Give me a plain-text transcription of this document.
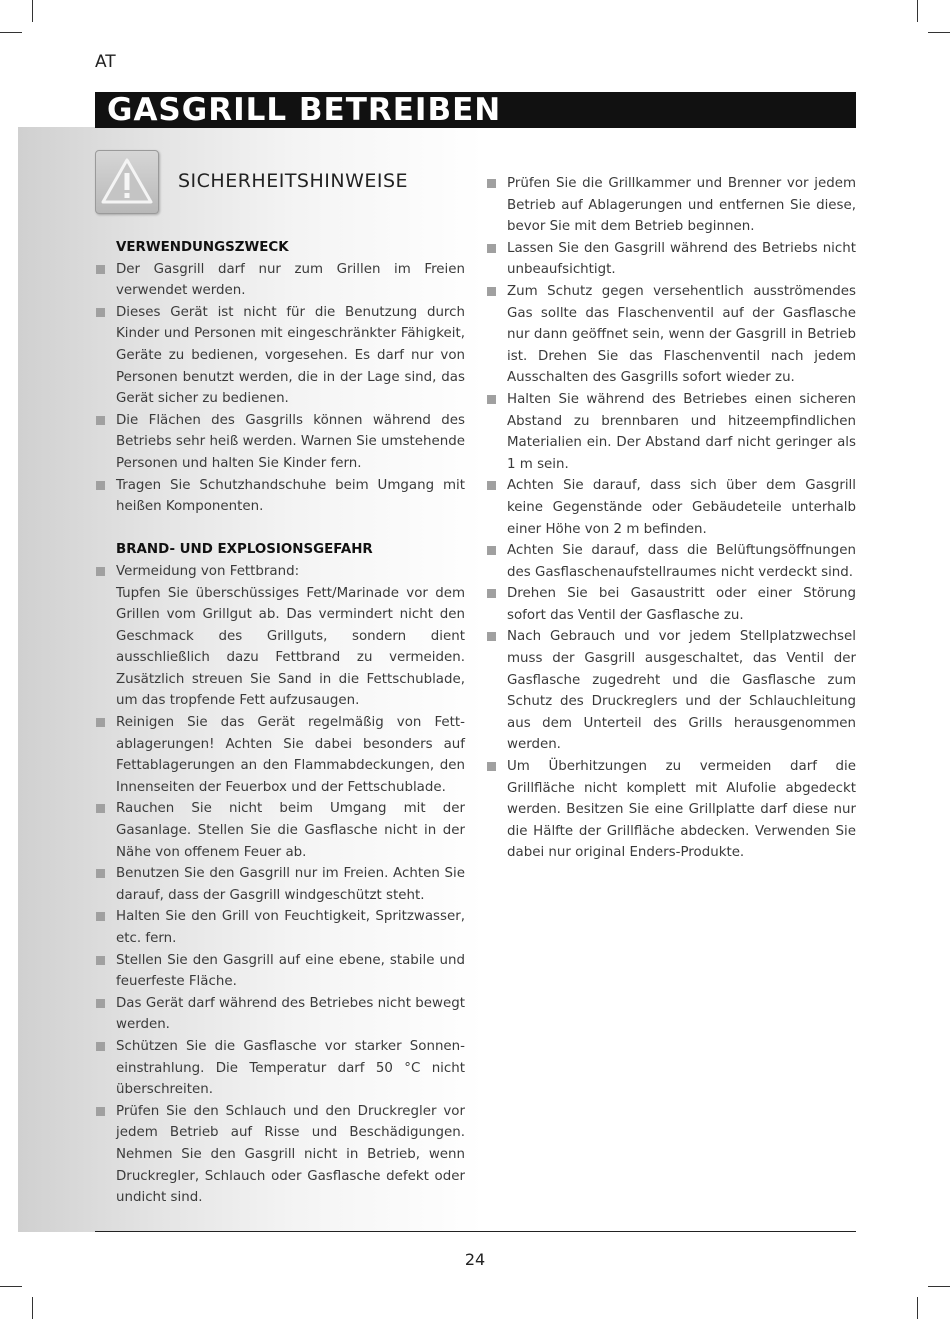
AT
GASGRILL BETREIBEN
SICHERHEITSHINWEISE
VERWENDUNGSZWECK

Der Gasgrill darf nur zum Grillen im Freien verwendet werden.

Dieses Gerät ist nicht für die Benutzung durch Kinder und Personen mit eingeschränkter Fähigkeit, Geräte zu bedienen, vorgesehen. Es darf nur von Personen benutzt werden, die in der Lage sind, das Gerät sicher zu bedienen.

Die Flächen des Gasgrills können während des Betriebs sehr heiß werden. Warnen Sie umstehende Personen und halten Sie Kinder fern.

Tragen Sie Schutzhandschuhe beim Umgang mit heißen Komponenten.

BRAND- UND EXPLOSIONSGEFAHR

Vermeidung von Fettbrand:

Tupfen Sie überschüssiges Fett/Marinade vor dem Grillen vom Grillgut ab. Das vermindert nicht den Geschmack des Grillguts, sondern dient ausschließlich dazu Fettbrand zu vermeiden. Zusätzlich streuen Sie Sand in die Fettschublade, um das tropfende Fett aufzusaugen.

Reinigen Sie das Gerät regelmäßig von Fett-ablagerungen! Achten Sie dabei besonders auf Fettablagerungen an den Flammabdeckungen, den Innenseiten der Feuerbox und der Fettschublade.

Rauchen Sie nicht beim Umgang mit der Gasanlage. Stellen Sie die Gasflasche nicht in der Nähe von offenem Feuer ab.

Benutzen Sie den Gasgrill nur im Freien. Achten Sie darauf, dass der Gasgrill windgeschützt steht.

Halten Sie den Grill von Feuchtigkeit, Spritzwasser, etc. fern.

Stellen Sie den Gasgrill auf eine ebene, stabile und feuerfeste Fläche.

Das Gerät darf während des Betriebes nicht bewegt werden.

Schützen Sie die Gasflasche vor starker Sonnen-einstrahlung. Die Temperatur darf 50 °C nicht überschreiten.

Prüfen Sie den Schlauch und den Druckregler vor jedem Betrieb auf Risse und Beschädigungen. Nehmen Sie den Gasgrill nicht in Betrieb, wenn Druckregler, Schlauch oder Gasflasche defekt oder undicht sind.

Prüfen Sie die Grillkammer und Brenner vor jedem Betrieb auf Ablagerungen und entfernen Sie diese, bevor Sie mit dem Betrieb beginnen.

Lassen Sie den Gasgrill während des Betriebs nicht unbeaufsichtigt.

Zum Schutz gegen versehentlich ausströmendes Gas sollte das Flaschenventil auf der Gasflasche nur dann geöffnet sein, wenn der Gasgrill in Betrieb ist. Drehen Sie das Flaschenventil nach jedem Ausschalten des Gasgrills sofort wieder zu.

Halten Sie während des Betriebes einen sicheren Abstand zu brennbaren und hitzeempfindlichen Materialien ein. Der Abstand darf nicht geringer als 1 m sein.

Achten Sie darauf, dass sich über dem Gasgrill keine Gegenstände oder Gebäudeteile unterhalb einer Höhe von 2 m befinden.

Achten Sie darauf, dass die Belüftungsöffnungen des Gasflaschenaufstellraumes nicht verdeckt sind.

Drehen Sie bei Gasaustritt oder einer Störung sofort das Ventil der Gasflasche zu.

Nach Gebrauch und vor jedem Stellplatzwechsel muss der Gasgrill ausgeschaltet, das Ventil der Gasflasche zugedreht und die Gasflasche zum Schutz des Druckreglers und der Schlauchleitung aus dem Unterteil des Grills herausgenommen werden.

Um Überhitzungen zu vermeiden darf die Grillfläche nicht komplett mit Alufolie abgedeckt werden. Besitzen Sie eine Grillplatte darf diese nur die Hälfte der Grillfläche abdecken. Verwenden Sie dabei nur original Enders-Produkte.

24
